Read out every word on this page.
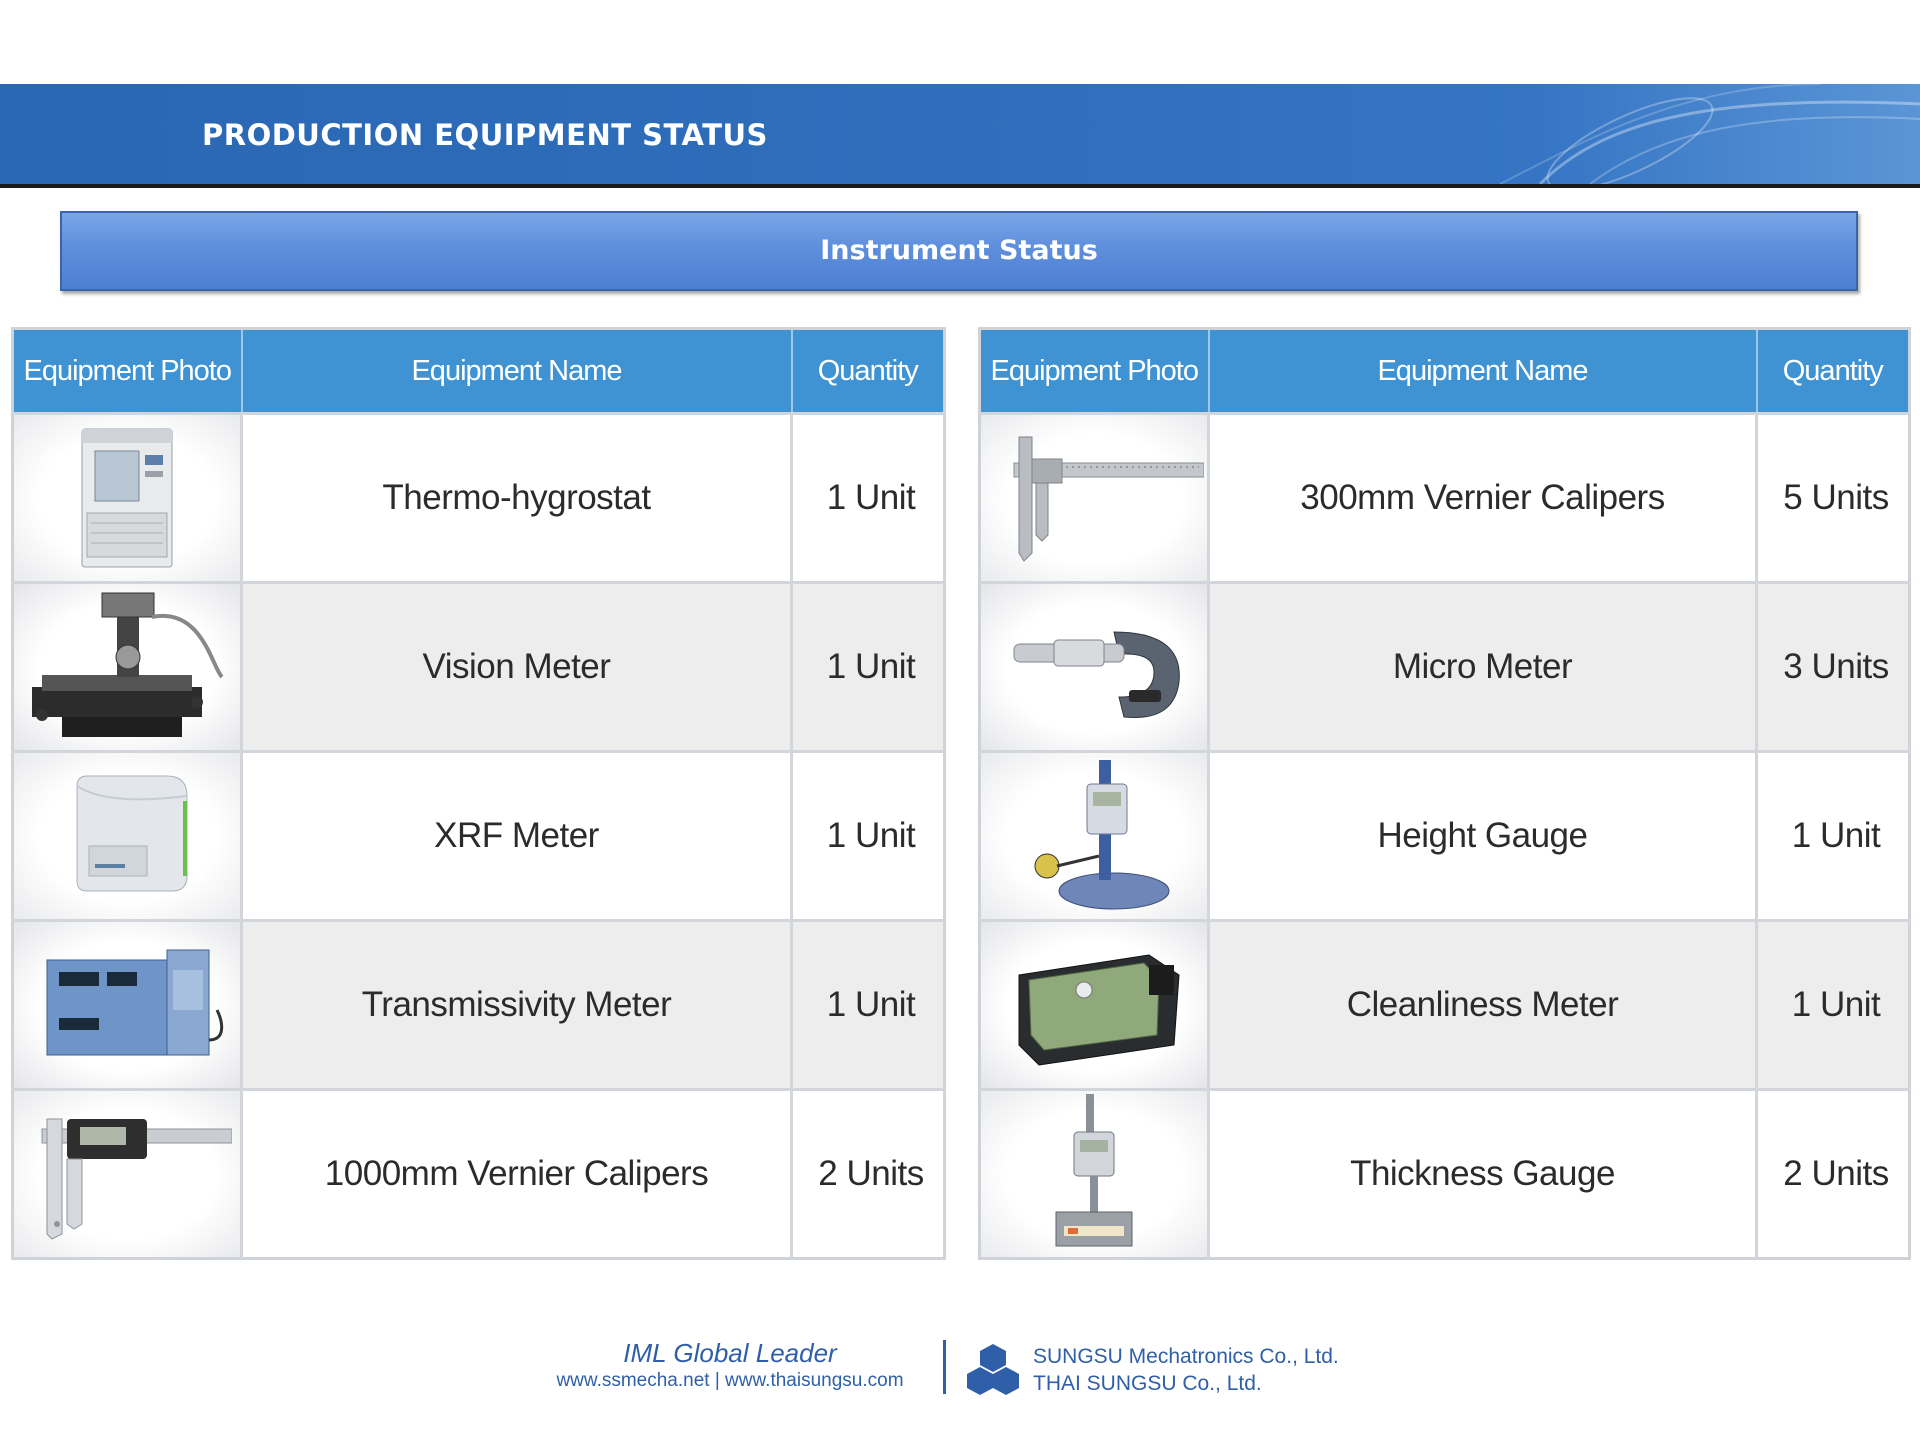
PRODUCTION EQUIPMENT STATUS
Instrument Status
Equipment Photo	Equipment Name	Quantity

	Thermo-hygrostat	1 Unit

	Vision Meter	1 Unit

	XRF Meter	1 Unit

	Transmissivity Meter	1 Unit

	1000mm Vernier Calipers	2 Units
Equipment Photo	Equipment Name	Quantity

	300mm Vernier Calipers	5 Units

	Micro Meter	3 Units

	Height Gauge	1 Unit

	Cleanliness Meter	1 Unit

	Thickness Gauge	2 Units
IML Global Leader
www.ssmecha.net | www.thaisungsu.com
SUNGSU Mechatronics Co., Ltd.
THAI SUNGSU Co., Ltd.
